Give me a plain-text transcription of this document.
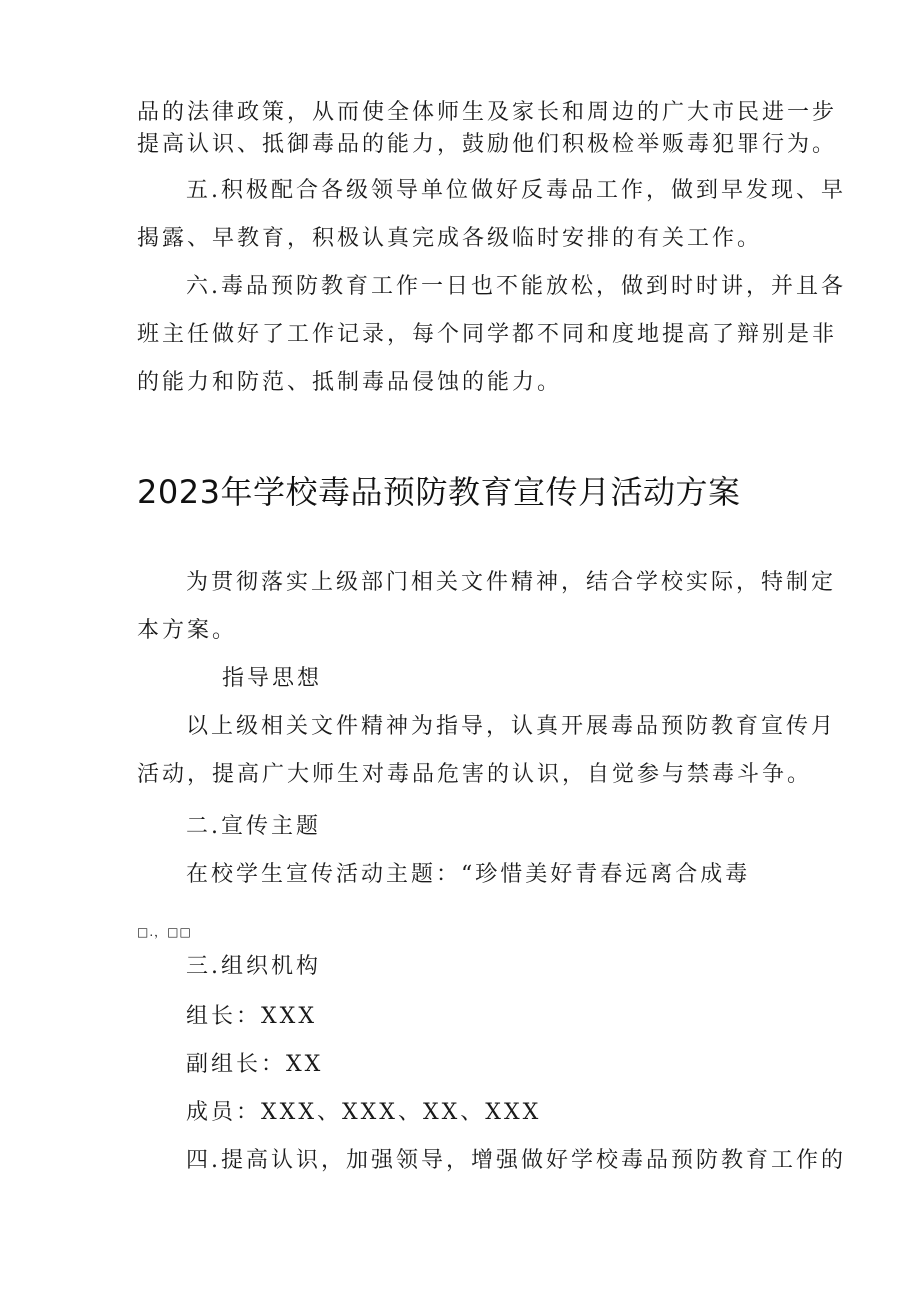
品的法律政策，从而使全体师生及家长和周边的广大市民进一步
提高认识、抵御毒品的能力，鼓励他们积极检举贩毒犯罪行为。
五.积极配合各级领导单位做好反毒品工作，做到早发现、早
揭露、早教育，积极认真完成各级临时安排的有关工作。
六.毒品预防教育工作一日也不能放松，做到时时讲，并且各
班主任做好了工作记录，每个同学都不同和度地提高了辩别是非
的能力和防范、抵制毒品侵蚀的能力。
2023年学校毒品预防教育宣传月活动方案
为贯彻落实上级部门相关文件精神，结合学校实际，特制定
本方案。
指导思想
以上级相关文件精神为指导，认真开展毒品预防教育宣传月
活动，提高广大师生对毒品危害的认识，自觉参与禁毒斗争。
二.宣传主题
在校学生宣传活动主题：“珍惜美好青春远离合成毒
□.，□□
三.组织机构
组长：XXX
副组长：XX
成员：XXX、XXX、XX、XXX
四.提高认识，加强领导，增强做好学校毒品预防教育工作的
